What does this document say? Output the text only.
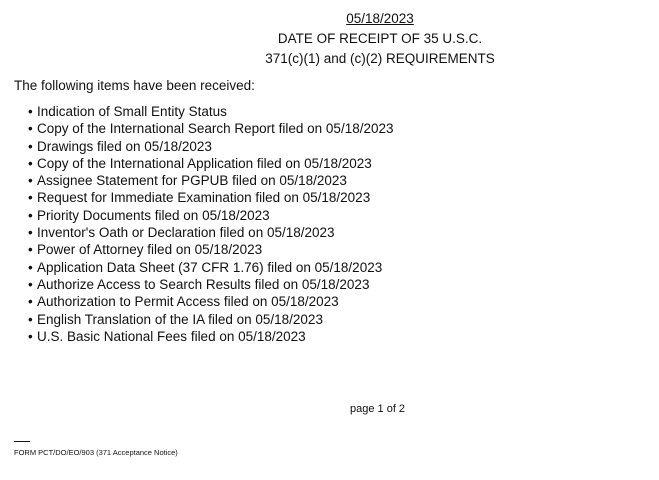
05/18/2023
DATE OF RECEIPT OF 35 U.S.C.
371(c)(1) and (c)(2) REQUIREMENTS
The following items have been received:
• Indication of Small Entity Status
• Copy of the International Search Report filed on 05/18/2023
• Drawings filed on 05/18/2023
• Copy of the International Application filed on 05/18/2023
• Assignee Statement for PGPUB filed on 05/18/2023
• Request for Immediate Examination filed on 05/18/2023
• Priority Documents filed on 05/18/2023
• Inventor's Oath or Declaration filed on 05/18/2023
• Power of Attorney filed on 05/18/2023
• Application Data Sheet (37 CFR 1.76) filed on 05/18/2023
• Authorize Access to Search Results filed on 05/18/2023
• Authorization to Permit Access filed on 05/18/2023
• English Translation of the IA filed on 05/18/2023
• U.S. Basic National Fees filed on 05/18/2023
page 1 of 2
FORM PCT/DO/EO/903 (371 Acceptance Notice)
